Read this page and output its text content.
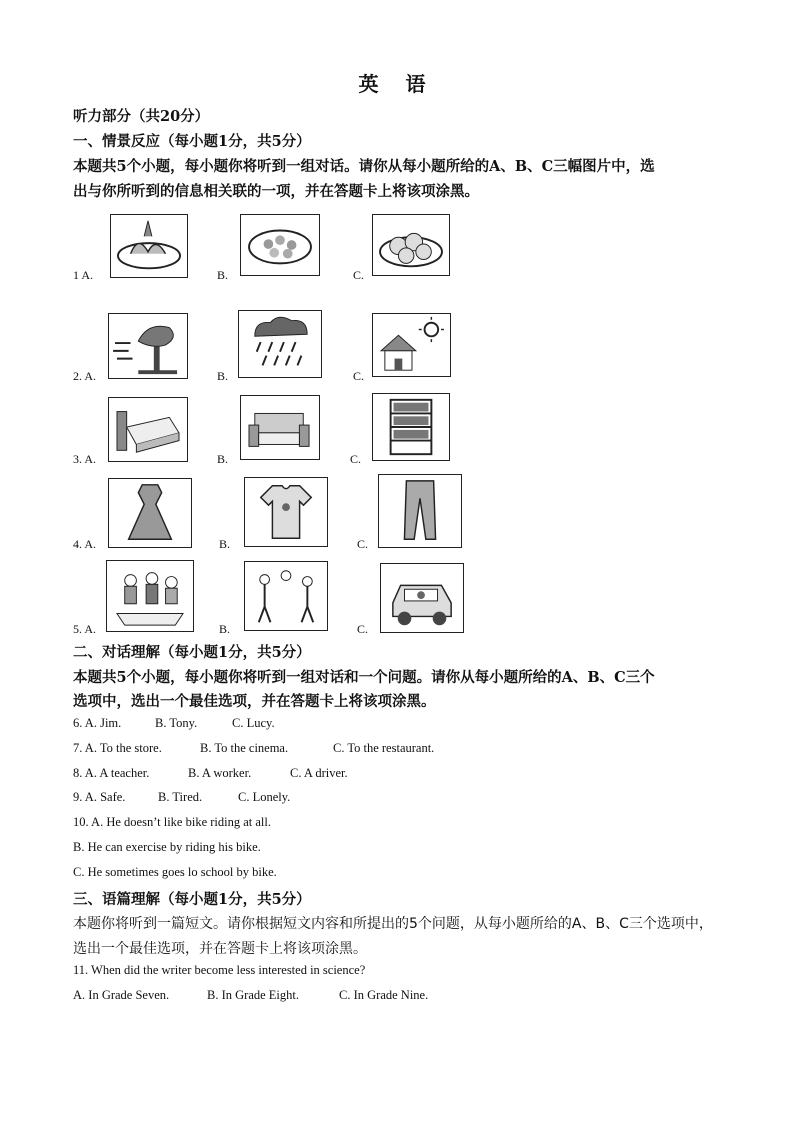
英 语
听力部分（共20分）
一、情景反应（每小题1分，共5分）
本题共5个小题，每小题你将听到一组对话。请你从每小题所给的A、B、C三幅图片中，选
出与你所听到的信息相关联的一项，并在答题卡上将该项涂黑。
1 A.	B.	C.
2. A.	B.	C.
3. A.	B.	C.
4. A.	B.	C.
5. A.	B.	C.
二、对话理解（每小题1分，共5分）
本题共5个小题，每小题你将听到一组对话和一个问题。请你从每小题所给的A、B、C三个
选项中，选出一个最佳选项，并在答题卡上将该项涂黑。
6. A. Jim.	B. Tony.	C. Lucy.
7. A. To the store.	B. To the cinema.	C. To the restaurant.
8. A. A teacher.	B. A worker.	C. A driver.
9. A. Safe.	B. Tired.	C. Lonely.
10. A. He doesn’t like bike riding at all.
B. He can exercise by riding his bike.
C. He sometimes goes lo school by bike.
三、语篇理解（每小题1分，共5分）
本题你将听到一篇短文。请你根据短文内容和所提出的5个问题，从每小题所给的A、B、C三个选项中，
选出一个最佳选项，并在答题卡上将该项涂黑。
11. When did the writer become less interested in science?
A. In Grade Seven.	B. In Grade Eight.	C. In Grade Nine.
